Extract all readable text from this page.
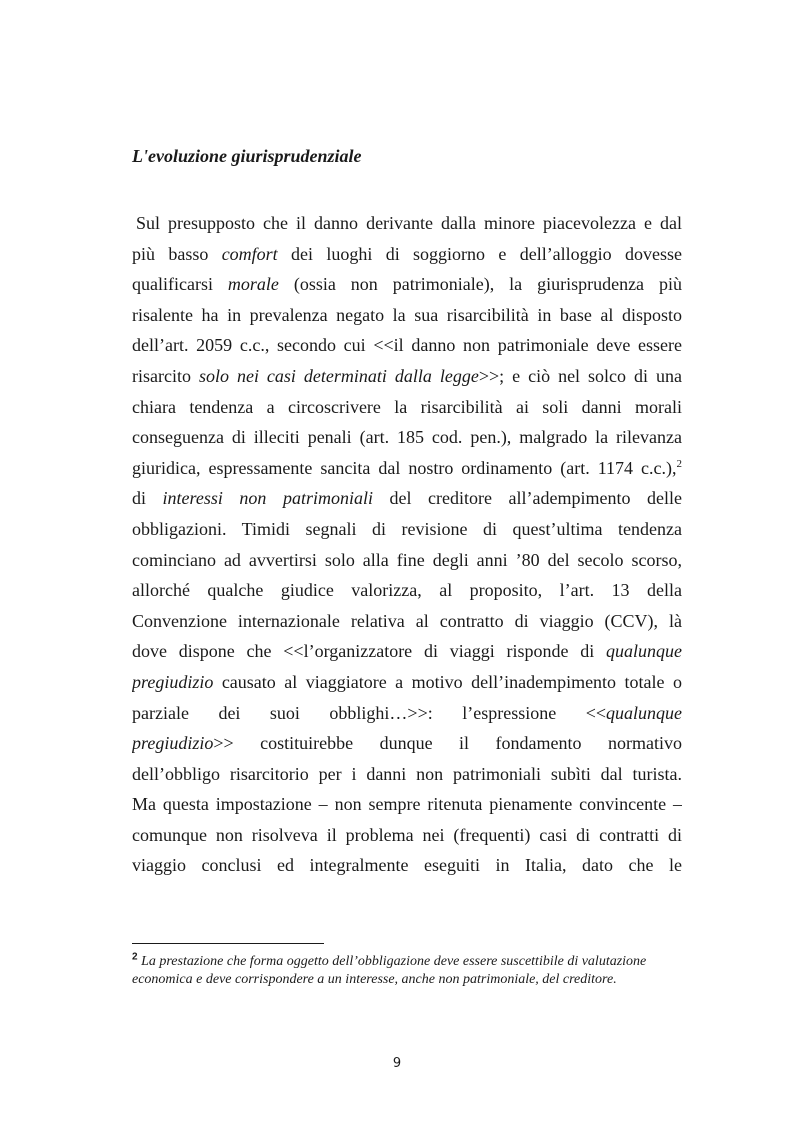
L'evoluzione giurisprudenziale
Sul presupposto che il danno derivante dalla minore piacevolezza e dal
più basso comfort dei luoghi di soggiorno e dell’alloggio dovesse
qualificarsi morale (ossia non patrimoniale), la giurisprudenza più
risalente ha in prevalenza negato la sua risarcibilità in base al disposto
dell’art. 2059 c.c., secondo cui <<il danno non patrimoniale deve essere
risarcito solo nei casi determinati dalla legge>>; e ciò nel solco di una
chiara tendenza a circoscrivere la risarcibilità ai soli danni morali
conseguenza di illeciti penali (art. 185 cod. pen.), malgrado la rilevanza
giuridica, espressamente sancita dal nostro ordinamento (art. 1174 c.c.),$^2$
di interessi non patrimoniali del creditore all’adempimento delle
obbligazioni. Timidi segnali di revisione di quest’ultima tendenza
cominciano ad avvertirsi solo alla fine degli anni ’80 del secolo scorso,
allorché qualche giudice valorizza, al proposito, l’art. 13 della
Convenzione internazionale relativa al contratto di viaggio (CCV), là
dove dispone che <<l’organizzatore di viaggi risponde di qualunque
pregiudizio causato al viaggiatore a motivo dell’inadempimento totale o
parziale dei suoi obblighi…>>: l’espressione <<qualunque
pregiudizio>> costituirebbe dunque il fondamento normativo
dell’obbligo risarcitorio per i danni non patrimoniali subìti dal turista.
Ma questa impostazione – non sempre ritenuta pienamente convincente –
comunque non risolveva il problema nei (frequenti) casi di contratti di
viaggio conclusi ed integralmente eseguiti in Italia, dato che le

$^2$ La prestazione che forma oggetto dell’obbligazione deve essere suscettibile di valutazione economica e deve corrispondere a un interesse, anche non patrimoniale, del creditore.

9
